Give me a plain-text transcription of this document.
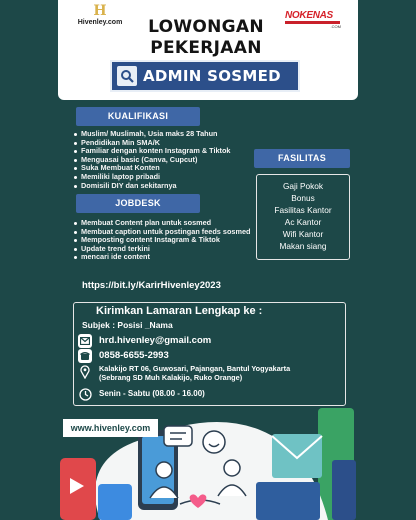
H
Hivenley.com
NOKENAS
.COM
LOWONGAN
PEKERJAAN
ADMIN SOSMED
KUALIFIKASI
Muslim/ Muslimah, Usia maks 28 Tahun
Pendidikan Min SMA/K
Familiar dengan konten Instagram & Tiktok
Menguasai basic (Canva, Cupcut)
Suka Membuat Konten
Memiliki laptop pribadi
Domisili DIY dan sekitarnya
JOBDESK
Membuat Content plan untuk sosmed
Membuat caption untuk postingan feeds sosmed
Memposting content Instagram & Tiktok
Update trend terkini
mencari ide content
FASILITAS
Gaji Pokok
Bonus
Fasilitas Kantor
Ac Kantor
Wifi Kantor
Makan siang
https://bit.ly/KarirHivenley2023
Kirimkan Lamaran Lengkap ke :
Subjek : Posisi _Nama
hrd.hivenley@gmail.com
0858-6655-2993
Kalakijo RT 06, Guwosari, Pajangan, Bantul Yogyakarta
(Sebrang SD Muh Kalakijo, Ruko Orange)
Senin - Sabtu (08.00 - 16.00)
www.hivenley.com
